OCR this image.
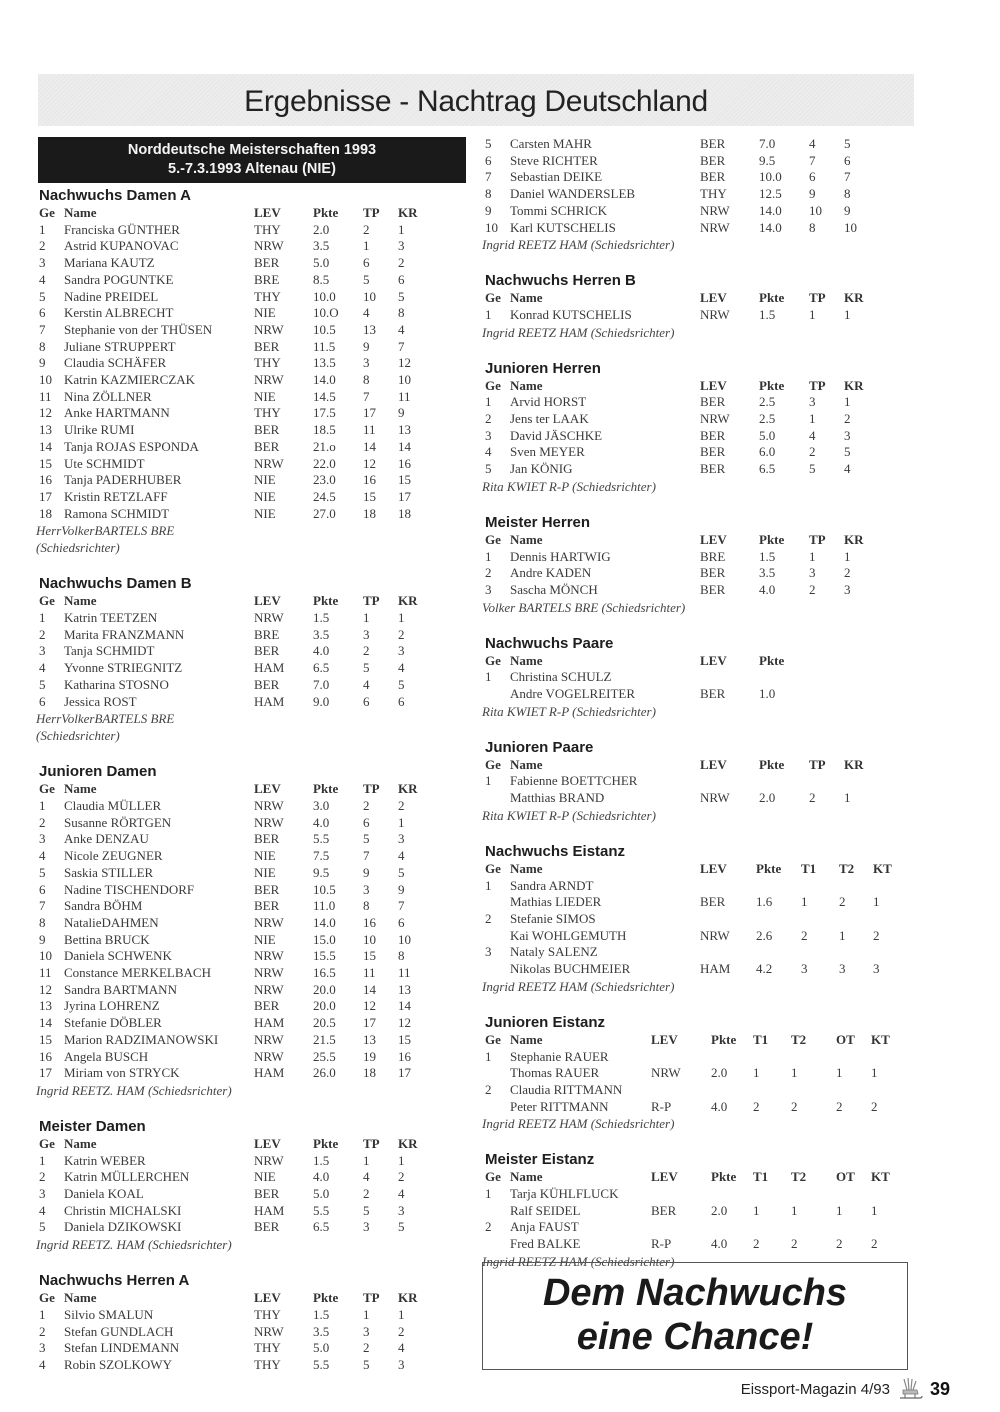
Ergebnisse - Nachtrag Deutschland
Norddeutsche Meisterschaften 1993
5.-7.3.1993 Altenau (NIE)
Nachwuchs Damen A
Ge	Name	LEV	Pkte	TP	KR
1	Franciska GÜNTHER	THY	2.0	2	1
2	Astrid KUPANOVAC	NRW	3.5	1	3
3	Mariana KAUTZ	BER	5.0	6	2
4	Sandra POGUNTKE	BRE	8.5	5	6
5	Nadine PREIDEL	THY	10.0	10	5
6	Kerstin ALBRECHT	NIE	10.O	4	8
7	Stephanie von der THÜSEN	NRW	10.5	13	4
8	Juliane STRUPPERT	BER	11.5	9	7
9	Claudia SCHÄFER	THY	13.5	3	12
10	Katrin KAZMIERCZAK	NRW	14.0	8	10
11	Nina ZÖLLNER	NIE	14.5	7	11
12	Anke HARTMANN	THY	17.5	17	9
13	Ulrike RUMI	BER	18.5	11	13
14	Tanja ROJAS ESPONDA	BER	21.o	14	14
15	Ute SCHMIDT	NRW	22.0	12	16
16	Tanja PADERHUBER	NIE	23.0	16	15
17	Kristin RETZLAFF	NIE	24.5	15	17
18	Ramona SCHMIDT	NIE	27.0	18	18
HerrVolkerBARTELS BRE
(Schiedsrichter)
Nachwuchs Damen B
Ge	Name	LEV	Pkte	TP	KR
1	Katrin TEETZEN	NRW	1.5	1	1
2	Marita FRANZMANN	BRE	3.5	3	2
3	Tanja SCHMIDT	BER	4.0	2	3
4	Yvonne STRIEGNITZ	HAM	6.5	5	4
5	Katharina STOSNO	BER	7.0	4	5
6	Jessica ROST	HAM	9.0	6	6
HerrVolkerBARTELS BRE
(Schiedsrichter)
Junioren Damen
Ge	Name	LEV	Pkte	TP	KR
1	Claudia MÜLLER	NRW	3.0	2	2
2	Susanne RÖRTGEN	NRW	4.0	6	1
3	Anke DENZAU	BER	5.5	5	3
4	Nicole ZEUGNER	NIE	7.5	7	4
5	Saskia STILLER	NIE	9.5	9	5
6	Nadine TISCHENDORF	BER	10.5	3	9
7	Sandra BÖHM	BER	11.0	8	7
8	NatalieDAHMEN	NRW	14.0	16	6
9	Bettina BRUCK	NIE	15.0	10	10
10	Daniela SCHWENK	NRW	15.5	15	8
11	Constance MERKELBACH	NRW	16.5	11	11
12	Sandra BARTMANN	NRW	20.0	14	13
13	Jyrina LOHRENZ	BER	20.0	12	14
14	Stefanie DÖBLER	HAM	20.5	17	12
15	Marion RADZIMANOWSKI	NRW	21.5	13	15
16	Angela BUSCH	NRW	25.5	19	16
17	Miriam von STRYCK	HAM	26.0	18	17
Ingrid REETZ. HAM (Schiedsrichter)
Meister Damen
Ge	Name	LEV	Pkte	TP	KR
1	Katrin WEBER	NRW	1.5	1	1
2	Katrin MÜLLERCHEN	NIE	4.0	4	2
3	Daniela KOAL	BER	5.0	2	4
4	Christin MICHALSKI	HAM	5.5	5	3
5	Daniela DZIKOWSKI	BER	6.5	3	5
Ingrid REETZ. HAM (Schiedsrichter)
Nachwuchs Herren A
Ge	Name	LEV	Pkte	TP	KR
1	Silvio SMALUN	THY	1.5	1	1
2	Stefan GUNDLACH	NRW	3.5	3	2
3	Stefan LINDEMANN	THY	5.0	2	4
4	Robin SZOLKOWY	THY	5.5	5	3
5	Carsten MAHR	BER	7.0	4	5
6	Steve RICHTER	BER	9.5	7	6
7	Sebastian DEIKE	BER	10.0	6	7
8	Daniel WANDERSLEB	THY	12.5	9	8
9	Tommi SCHRICK	NRW	14.0	10	9
10	Karl KUTSCHELIS	NRW	14.0	8	10
Ingrid REETZ HAM (Schiedsrichter)
Nachwuchs Herren B
Ge	Name	LEV	Pkte	TP	KR
1	Konrad KUTSCHELIS	NRW	1.5	1	1
Ingrid REETZ HAM (Schiedsrichter)
Junioren Herren
Ge	Name	LEV	Pkte	TP	KR
1	Arvid HORST	BER	2.5	3	1
2	Jens ter LAAK	NRW	2.5	1	2
3	David JÄSCHKE	BER	5.0	4	3
4	Sven MEYER	BER	6.0	2	5
5	Jan KÖNIG	BER	6.5	5	4
Rita KWIET R-P (Schiedsrichter)
Meister Herren
Ge	Name	LEV	Pkte	TP	KR
1	Dennis HARTWIG	BRE	1.5	1	1
2	Andre KADEN	BER	3.5	3	2
3	Sascha MÖNCH	BER	4.0	2	3
Volker BARTELS BRE (Schiedsrichter)
Nachwuchs Paare
Ge	Name	LEV	Pkte
1	Christina SCHULZ		
	Andre VOGELREITER	BER	1.0
Rita KWIET R-P (Schiedsrichter)
Junioren Paare
Ge	Name	LEV	Pkte	TP	KR
1	Fabienne BOETTCHER				
	Matthias BRAND	NRW	2.0	2	1
Rita KWIET R-P (Schiedsrichter)
Nachwuchs Eistanz
Ge	Name	LEV	Pkte	T1	T2	KT
1	Sandra ARNDT					
	Mathias LIEDER	BER	1.6	1	2	1
2	Stefanie SIMOS					
	Kai WOHLGEMUTH	NRW	2.6	2	1	2
3	Nataly SALENZ					
	Nikolas BUCHMEIER	HAM	4.2	3	3	3
Ingrid REETZ HAM (Schiedsrichter)
Junioren Eistanz
Ge	Name	LEV	Pkte	T1	T2	OT	KT
1	Stephanie RAUER						
	Thomas RAUER	NRW	2.0	1	1	1	1
2	Claudia RITTMANN						
	Peter RITTMANN	R-P	4.0	2	2	2	2
Ingrid REETZ HAM (Schiedsrichter)
Meister Eistanz
Ge	Name	LEV	Pkte	T1	T2	OT	KT
1	Tarja KÜHLFLUCK						
	Ralf SEIDEL	BER	2.0	1	1	1	1
2	Anja FAUST						
	Fred BALKE	R-P	4.0	2	2	2	2
Ingrid REETZ HAM (Schiedsrichter)
Dem Nachwuchs
eine Chance!
Eissport-Magazin 4/93 39
